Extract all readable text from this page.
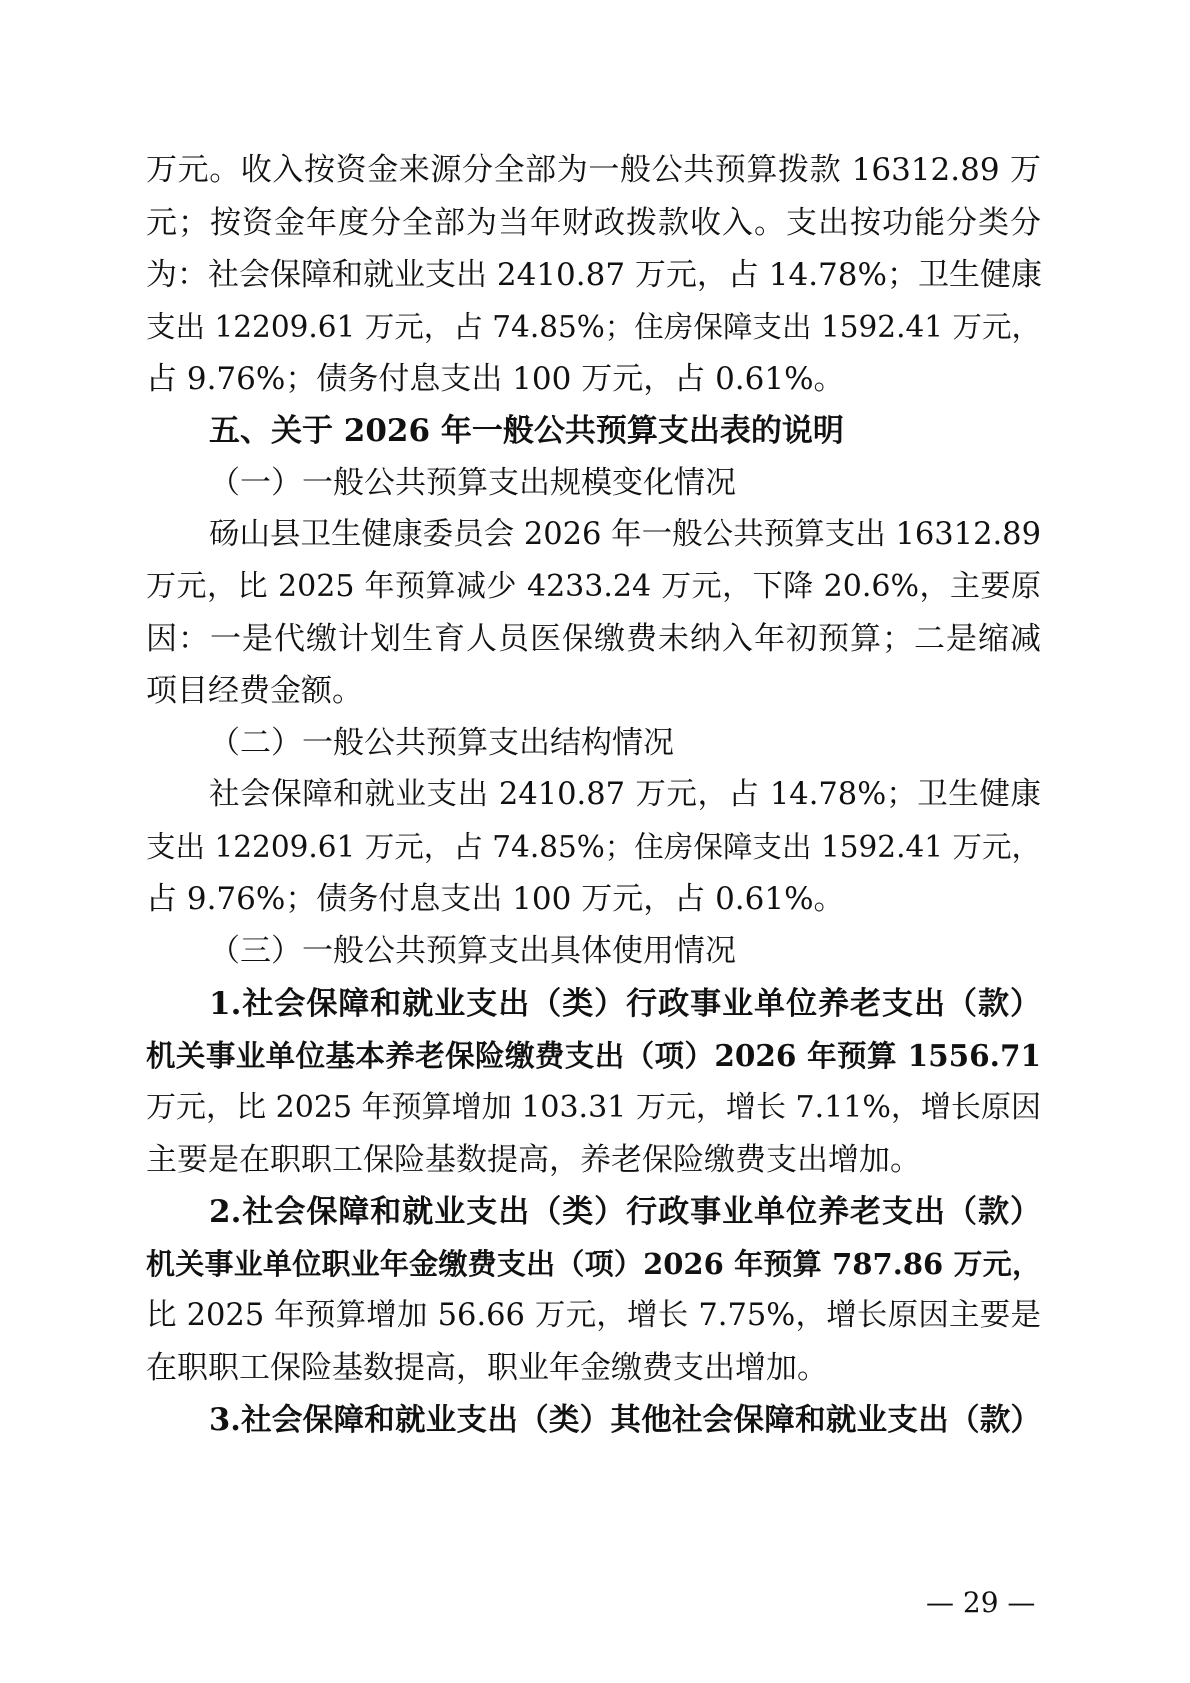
万元。收入按资金来源分全部为一般公共预算拨款 16312.89 万
元；按资金年度分全部为当年财政拨款收入。支出按功能分类分
为：社会保障和就业支出 2410.87 万元，占 14.78%；卫生健康
支出 12209.61 万元，占 74.85%；住房保障支出 1592.41 万元，
占 9.76%；债务付息支出 100 万元，占 0.61%。
五、关于 2026 年一般公共预算支出表的说明
（一）一般公共预算支出规模变化情况
砀山县卫生健康委员会 2026 年一般公共预算支出 16312.89
万元，比 2025 年预算减少 4233.24 万元，下降 20.6%，主要原
因：一是代缴计划生育人员医保缴费未纳入年初预算；二是缩减
项目经费金额。
（二）一般公共预算支出结构情况
社会保障和就业支出 2410.87 万元，占 14.78%；卫生健康
支出 12209.61 万元，占 74.85%；住房保障支出 1592.41 万元，
占 9.76%；债务付息支出 100 万元，占 0.61%。
（三）一般公共预算支出具体使用情况
1.社会保障和就业支出（类）行政事业单位养老支出（款）
机关事业单位基本养老保险缴费支出（项）2026 年预算 1556.71
万元，比 2025 年预算增加 103.31 万元，增长 7.11%，增长原因
主要是在职职工保险基数提高，养老保险缴费支出增加。
2.社会保障和就业支出（类）行政事业单位养老支出（款）
机关事业单位职业年金缴费支出（项）2026 年预算 787.86 万元，
比 2025 年预算增加 56.66 万元，增长 7.75%，增长原因主要是
在职职工保险基数提高，职业年金缴费支出增加。
3.社会保障和就业支出（类）其他社会保障和就业支出（款）
— 29 —
